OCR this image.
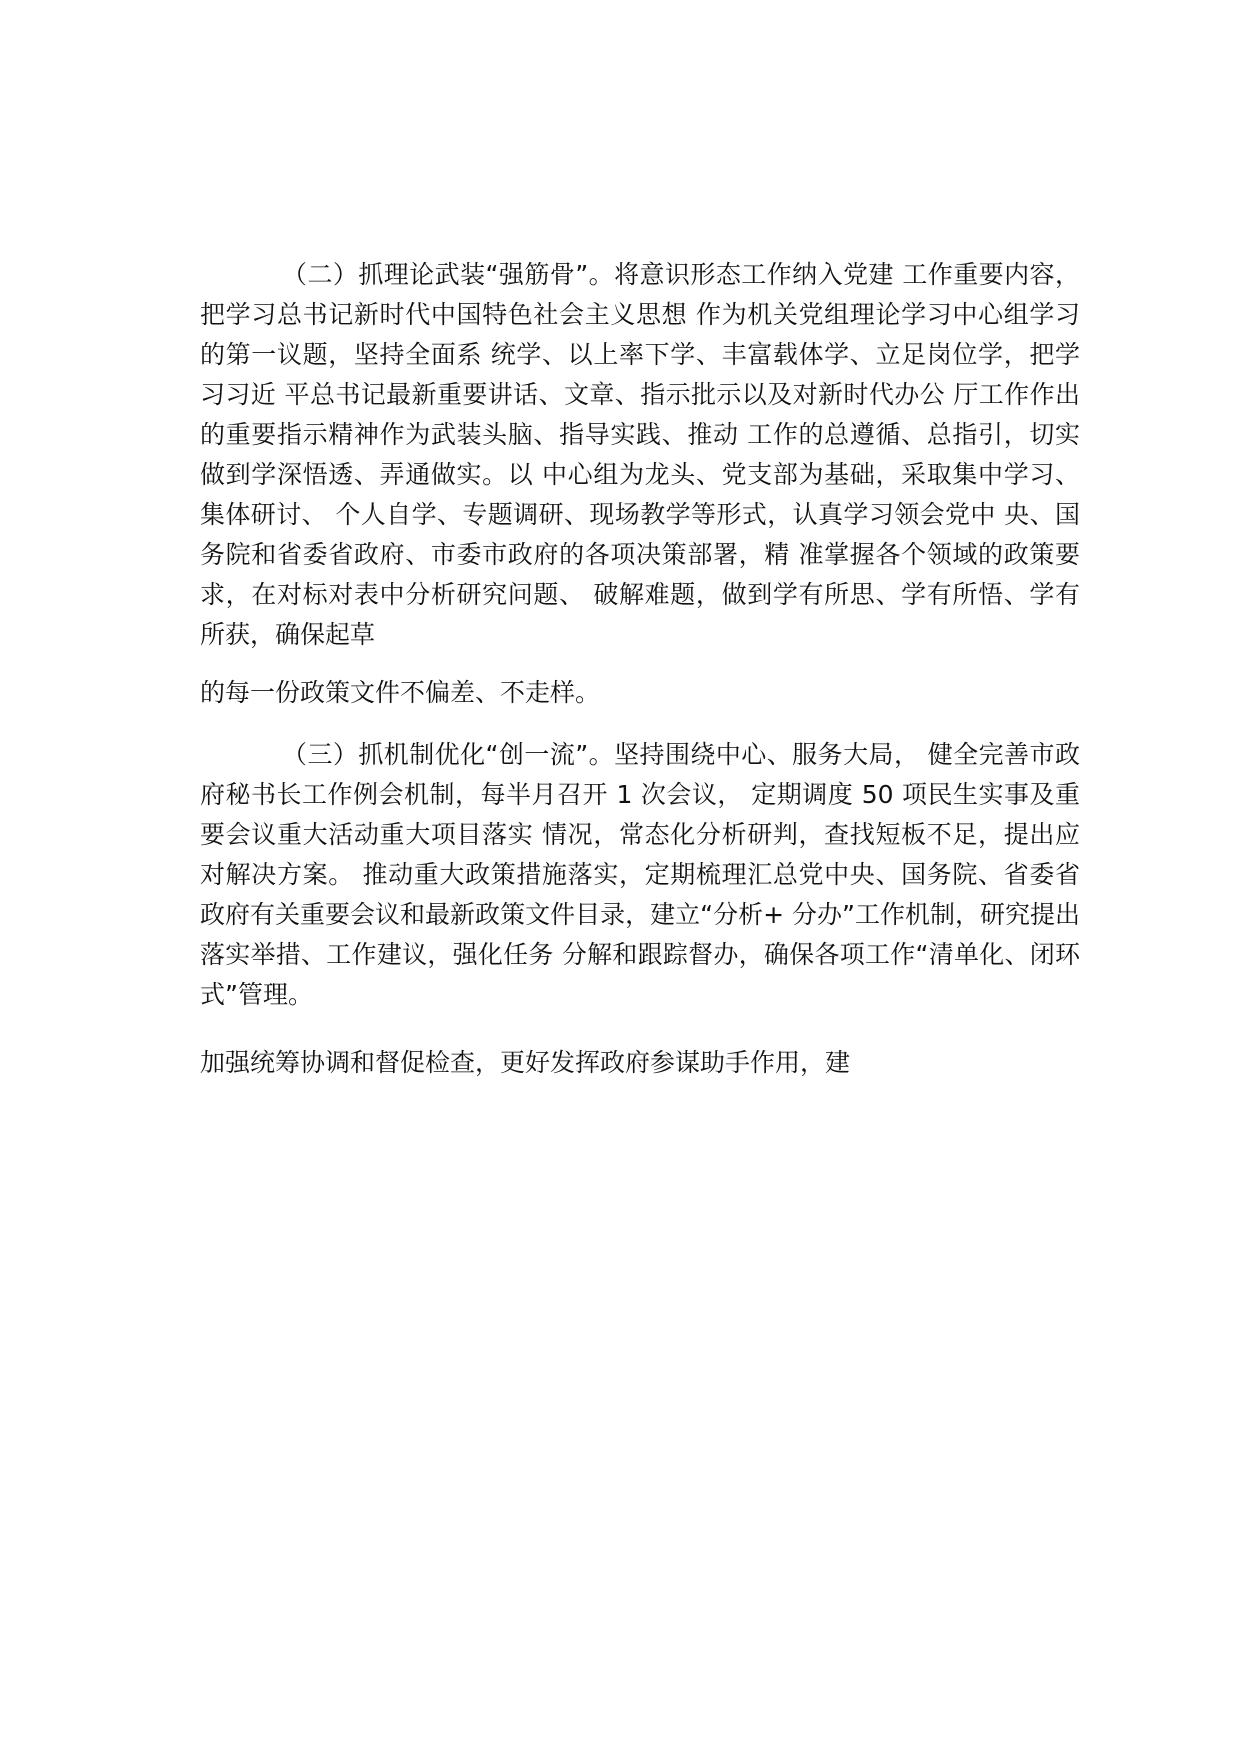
（二）抓理论武装“强筋骨”。将意识形态工作纳入党建 工作重要内容，把学习总书记新时代中国特色社会主义思想 作为机关党组理论学习中心组学习的第一议题，坚持全面系 统学、以上率下学、丰富载体学、立足岗位学，把学习习近 平总书记最新重要讲话、文章、指示批示以及对新时代办公 厅工作作出的重要指示精神作为武装头脑、指导实践、推动 工作的总遵循、总指引，切实做到学深悟透、弄通做实。以 中心组为龙头、党支部为基础，采取集中学习、集体研讨、 个人自学、专题调研、现场教学等形式，认真学习领会党中 央、国务院和省委省政府、市委市政府的各项决策部署，精 准掌握各个领域的政策要求，在对标对表中分析研究问题、 破解难题，做到学有所思、学有所悟、学有所获，确保起草

的每一份政策文件不偏差、不走样。

（三）抓机制优化“创一流”。坚持围绕中心、服务大局， 健全完善市政府秘书长工作例会机制，每半月召开 1 次会议， 定期调度 50 项民生实事及重要会议重大活动重大项目落实 情况，常态化分析研判，查找短板不足，提出应对解决方案。 推动重大政策措施落实，定期梳理汇总党中央、国务院、省委省政府有关重要会议和最新政策文件目录，建立“分析+ 分办”工作机制，研究提出落实举措、工作建议，强化任务 分解和跟踪督办，确保各项工作“清单化、闭环式”管理。

加强统筹协调和督促检查，更好发挥政府参谋助手作用，建
